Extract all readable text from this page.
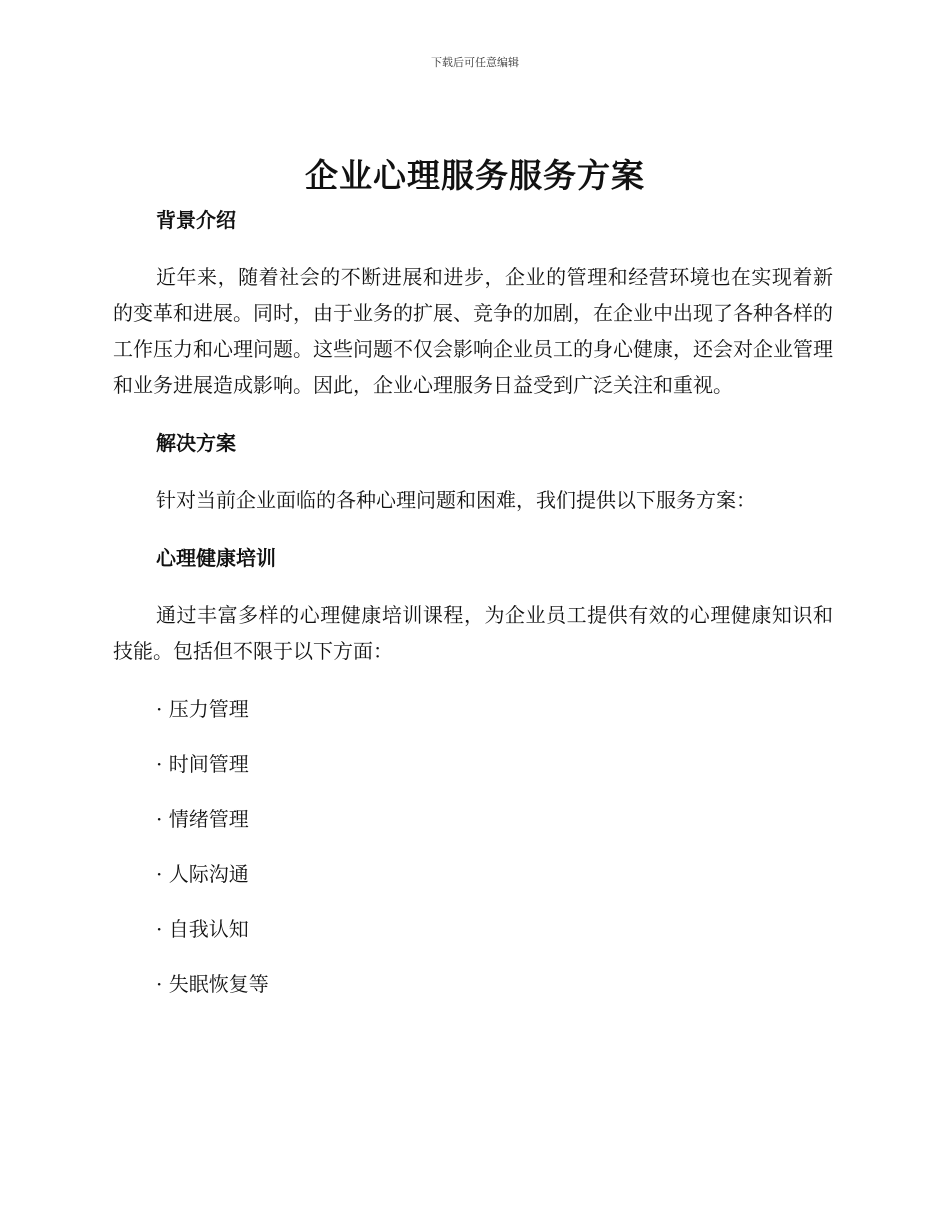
下载后可任意编辑
企业心理服务服务方案

背景介绍

近年来，随着社会的不断进展和进步，企业的管理和经营环境也在实现着新的变革和进展。同时，由于业务的扩展、竞争的加剧，在企业中出现了各种各样的工作压力和心理问题。这些问题不仅会影响企业员工的身心健康，还会对企业管理和业务进展造成影响。因此，企业心理服务日益受到广泛关注和重视。

解决方案

针对当前企业面临的各种心理问题和困难，我们提供以下服务方案：

心理健康培训

通过丰富多样的心理健康培训课程，为企业员工提供有效的心理健康知识和技能。包括但不限于以下方面：

· 压力管理

· 时间管理

· 情绪管理

· 人际沟通

· 自我认知

· 失眠恢复等
